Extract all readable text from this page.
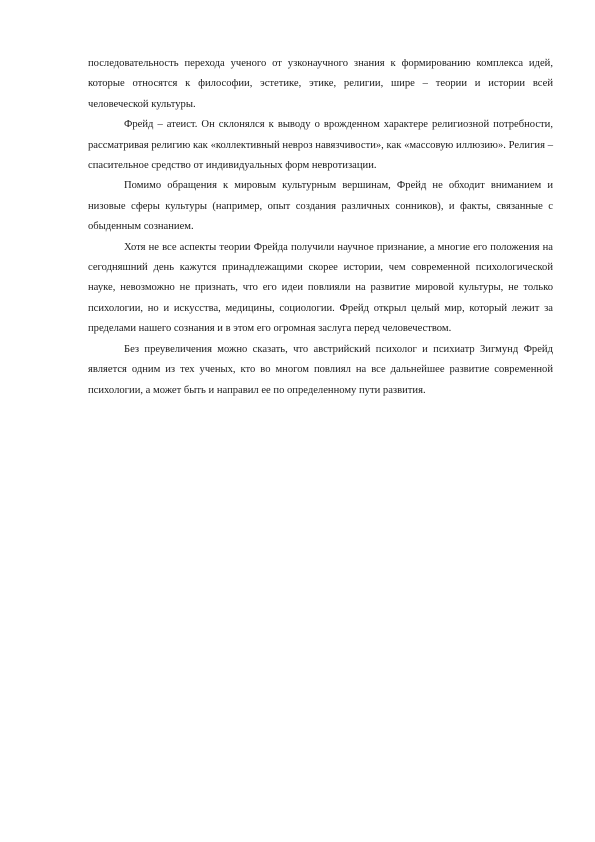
последовательность перехода ученого от узконаучного знания к формированию комплекса идей, которые относятся к философии, эстетике, этике, религии, шире – теории и истории всей человеческой культуры.

Фрейд – атеист. Он склонялся к выводу о врожденном характере религиозной потребности, рассматривая религию как «коллективный невроз навязчивости», как «массовую иллюзию». Религия – спасительное средство от индивидуальных форм невротизации.

Помимо обращения к мировым культурным вершинам, Фрейд не обходит вниманием и низовые сферы культуры (например, опыт создания различных сонников), и факты, связанные с обыденным сознанием.

Хотя не все аспекты теории Фрейда получили научное признание, а многие его положения на сегодняшний день кажутся принадлежащими скорее истории, чем современной психологической науке, невозможно не признать, что его идеи повлияли на развитие мировой культуры, не только психологии, но и искусства, медицины, социологии. Фрейд открыл целый мир, который лежит за пределами нашего сознания и в этом его огромная заслуга перед человечеством.

Без преувеличения можно сказать, что австрийский психолог и психиатр Зигмунд Фрейд является одним из тех ученых, кто во многом повлиял на все дальнейшее развитие современной психологии, а может быть и направил ее по определенному пути развития.
